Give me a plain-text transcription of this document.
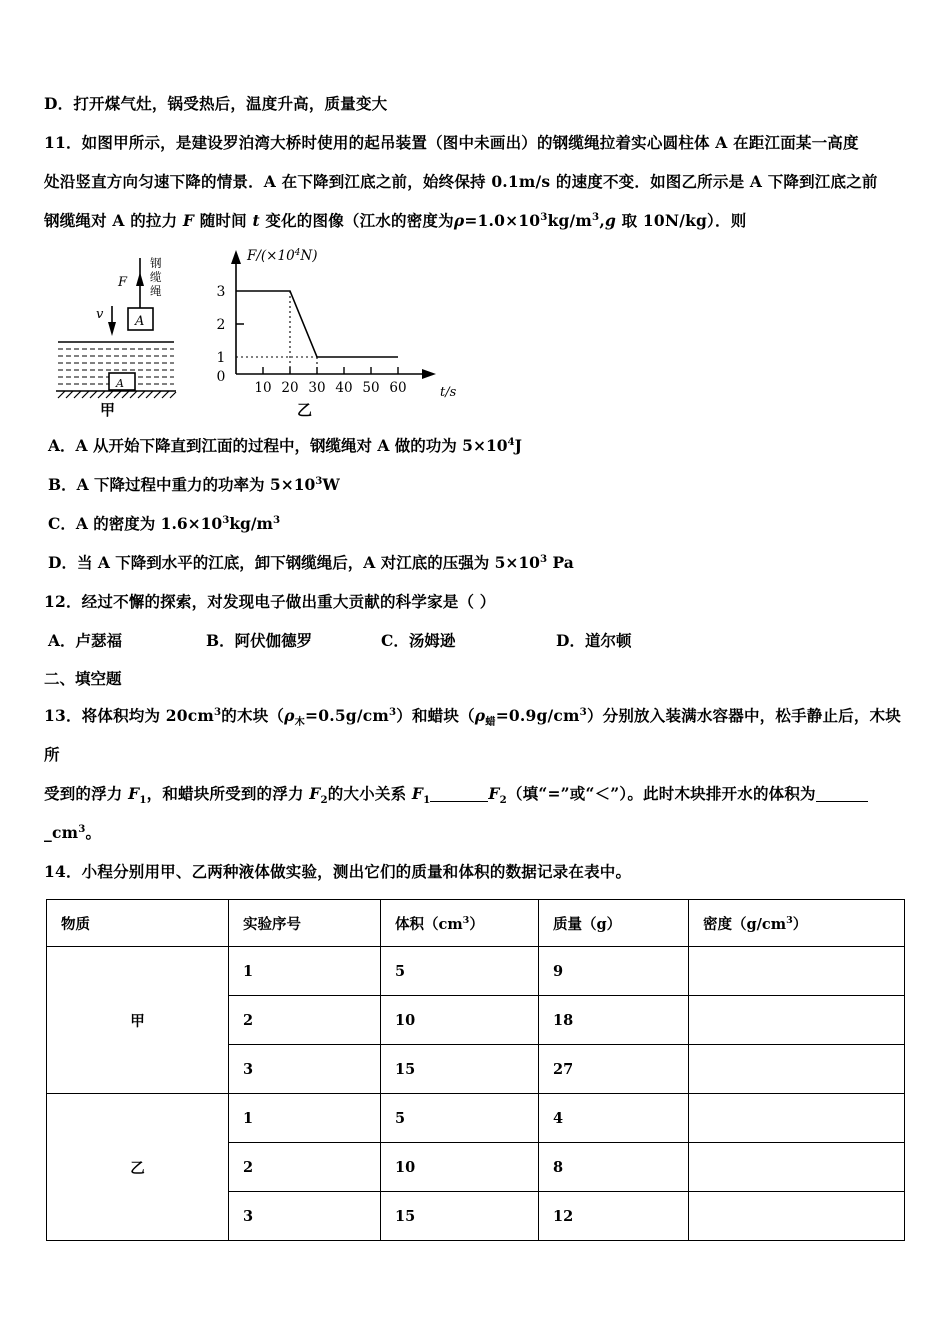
D．打开煤气灶，锅受热后，温度升高，质量变大
11．如图甲所示，是建设罗泊湾大桥时使用的起吊装置（图中未画出）的钢缆绳拉着实心圆柱体 A 在距江面某一高度
处沿竖直方向匀速下降的情景．A 在下降到江底之前，始终保持 0.1m/s 的速度不变．如图乙所示是 A 下降到江底之前
钢缆绳对 A 的拉力 F 随时间 t 变化的图像（江水的密度为$\rho=1.0\times 10^3kg/m^3,g$ 取 10N/kg）．则
F
钢
缆
绳
A
v
A
$F/(\times 10^4N)$
t/s
3
2
1
0
10 20 30 40 50 60
甲	乙
A．A 从开始下降直到江面的过程中，钢缆绳对 A 做的功为 $5\times 10^4J$
B．A 下降过程中重力的功率为 $5\times 10^3W$
C．A 的密度为 $1.6\times 10^3kg/m^3$
D．当 A 下降到水平的江底，卸下钢缆绳后，A 对江底的压强为 $5\times 10^3$ Pa
12．经过不懈的探索，对发现电子做出重大贡献的科学家是（ ）
A．卢瑟福	B．阿伏伽德罗	C．汤姆逊	D．道尔顿
二、填空题
13．将体积均为 $20cm^3$的木块$(\rho_木=0.5g/cm^3)$和蜡块$(\rho_蜡=0.9g/cm^3)$分别放入装满水容器中，松手静止后，木块所
受到的浮力 $F_1$，和蜡块所受到的浮力 $F_2$的大小关系 $F_1$	$F_2$（填“=”或“＜”）。此时木块排开水的体积为
$\_cm^3$。
14．小程分别用甲、乙两种液体做实验，测出它们的质量和体积的数据记录在表中。
物质	实验序号	体积$(cm^3)$	质量（g）	密度$(g/cm^3)$
甲	1	5	9	
	2	10	18	
	3	15	27	
乙	1	5	4	
	2	10	8	
	3	15	12	
